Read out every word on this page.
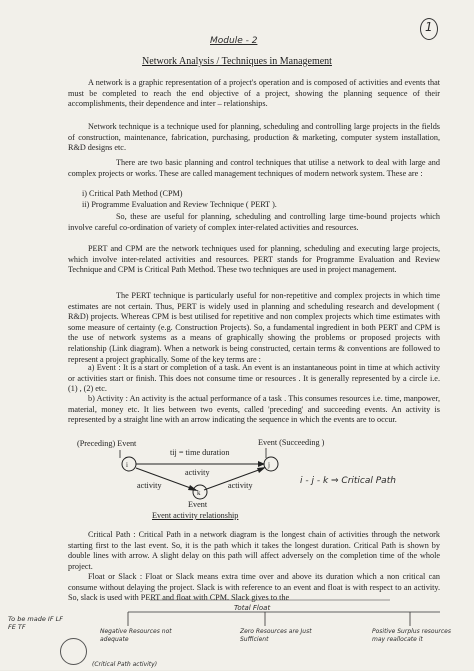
1
Module - 2
Network Analysis / Techniques in Management
A network is a graphic representation of a project's operation and is composed of activities and events that must be completed to reach the end objective of a project, showing the planning sequence of their accomplishments, their dependence and inter – relationships.
Network technique is a technique used for planning, scheduling and controlling large projects in the fields of construction, maintenance, fabrication, purchasing, production & marketing, computer system installation, R&D designs etc.
There are two basic planning and control techniques that utilise a network to deal with large and complex projects or works. These are called management techniques of modern network system. These are :
i) Critical Path Method (CPM)
ii) Programme Evaluation and Review Technique ( PERT ).
So, these are useful for planning, scheduling and controlling large time-bound projects which involve careful co-ordination of variety of complex inter-related activities and resources.
PERT and CPM are the network techniques used for planning, scheduling and executing large projects, which involve inter-related activities and resources. PERT stands for Programme Evaluation and Review Technique and CPM is Critical Path Method. These two techniques are used in project management.
The PERT technique is particularly useful for non-repetitive and complex projects in which time estimates are not certain. Thus, PERT is widely used in planning and scheduling research and development ( R&D) projects. Whereas CPM is best utilised for repetitive and non complex projects which time estimates with some measure of certainty (e.g. Construction Projects). So, a fundamental ingredient in both PERT and CPM is the use of network systems as a means of graphically showing the problems or proposed projects with relationship (Link diagram). When a network is being constructed, certain terms & conventions are followed to represent a project graphically. Some of the key terms are :
a) Event : It is a start or completion of a task. An event is an instantaneous point in time at which activity or activities start or finish. This does not consume time or resources . It is generally represented by a circle i.e. (1) , (2) etc.
b) Activity : An activity is the actual performance of a task . This consumes resources i.e. time, manpower, material, money etc. It lies between two events, called 'preceding' and succeeding events. An activity is represented by a straight line with an arrow indicating the sequence in which the events are to occur.
i	j
k
(Preceding) Event	Event (Succeeding )
tij = time duration
activity
activity	activity
Event
Event activity relationship
i - j - k ⇒ Critical Path
Critical Path : Critical Path in a network diagram is the longest chain of activities through the network starting first to the last event. So, it is the path which it takes the longest duration. Critical Path is shown by double lines with arrow. A slight delay on this path will affect adversely on the completion time of the whole project.
Float or Slack : Float or Slack means extra time over and above its duration which a non critical can consume without delaying the project. Slack is with reference to an event and float is with respect to an activity. So, slack is used with PERT and float with CPM. Slack gives to the
To be made IF LF FE TF
Total Float
Negative Resources not adequate
Zero Resources are Just Sufficient
Positive Surplus resources may reallocate it
(Critical Path activity)
